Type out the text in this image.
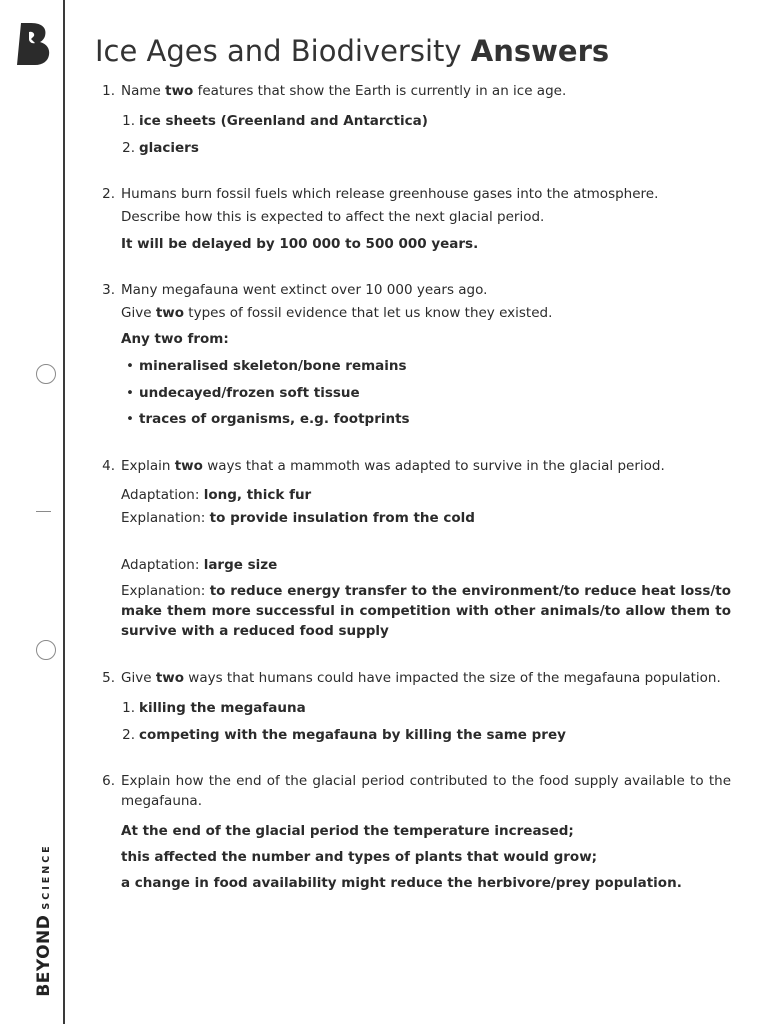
BEYONDSCIENCE
Ice Ages and Biodiversity Answers
1. Name two features that show the Earth is currently in an ice age.

1. ice sheets (Greenland and Antarctica)
2. glaciers
2. Humans burn fossil fuels which release greenhouse gases into the atmosphere.

Describe how this is expected to affect the next glacial period.

It will be delayed by 100 000 to 500 000 years.

3. Many megafauna went extinct over 10 000 years ago.

Give two types of fossil evidence that let us know they existed.

Any two from:

• mineralised skeleton/bone remains
• undecayed/frozen soft tissue
• traces of organisms, e.g. footprints
4. Explain two ways that a mammoth was adapted to survive in the glacial period.

Adaptation: long, thick fur

Explanation: to provide insulation from the cold

Adaptation: large size

Explanation: to reduce energy transfer to the environment/to reduce heat loss/to make them more successful in competition with other animals/to allow them to survive with a reduced food supply

5. Give two ways that humans could have impacted the size of the megafauna population.

1. killing the megafauna
2. competing with the megafauna by killing the same prey
6. Explain how the end of the glacial period contributed to the food supply available to the megafauna.

At the end of the glacial period the temperature increased;

this affected the number and types of plants that would grow;

a change in food availability might reduce the herbivore/prey population.
